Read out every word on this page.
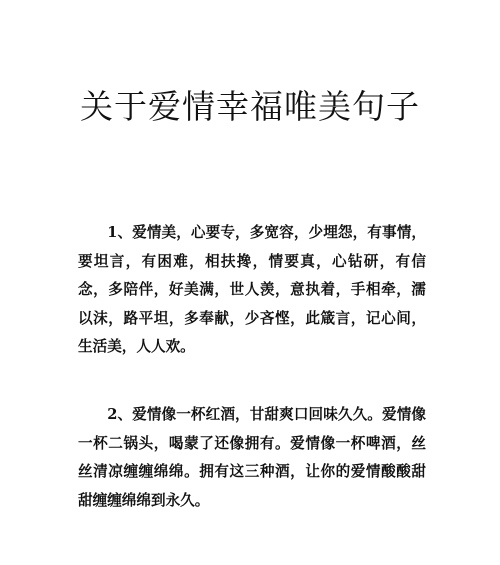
关于爱情幸福唯美句子

1、爱情美，心要专，多宽容，少埋怨，有事情，要坦言，有困难，相扶搀，情要真，心钻研，有信念，多陪伴，好美满，世人羡，意执着，手相牵，濡以沫，路平坦，多奉献，少吝悭，此箴言，记心间，生活美，人人欢。

2、爱情像一杯红酒，甘甜爽口回味久久。爱情像一杯二锅头，喝蒙了还像拥有。爱情像一杯啤酒，丝丝清凉缠缠绵绵。拥有这三种酒，让你的爱情酸酸甜甜缠缠绵绵到永久。
